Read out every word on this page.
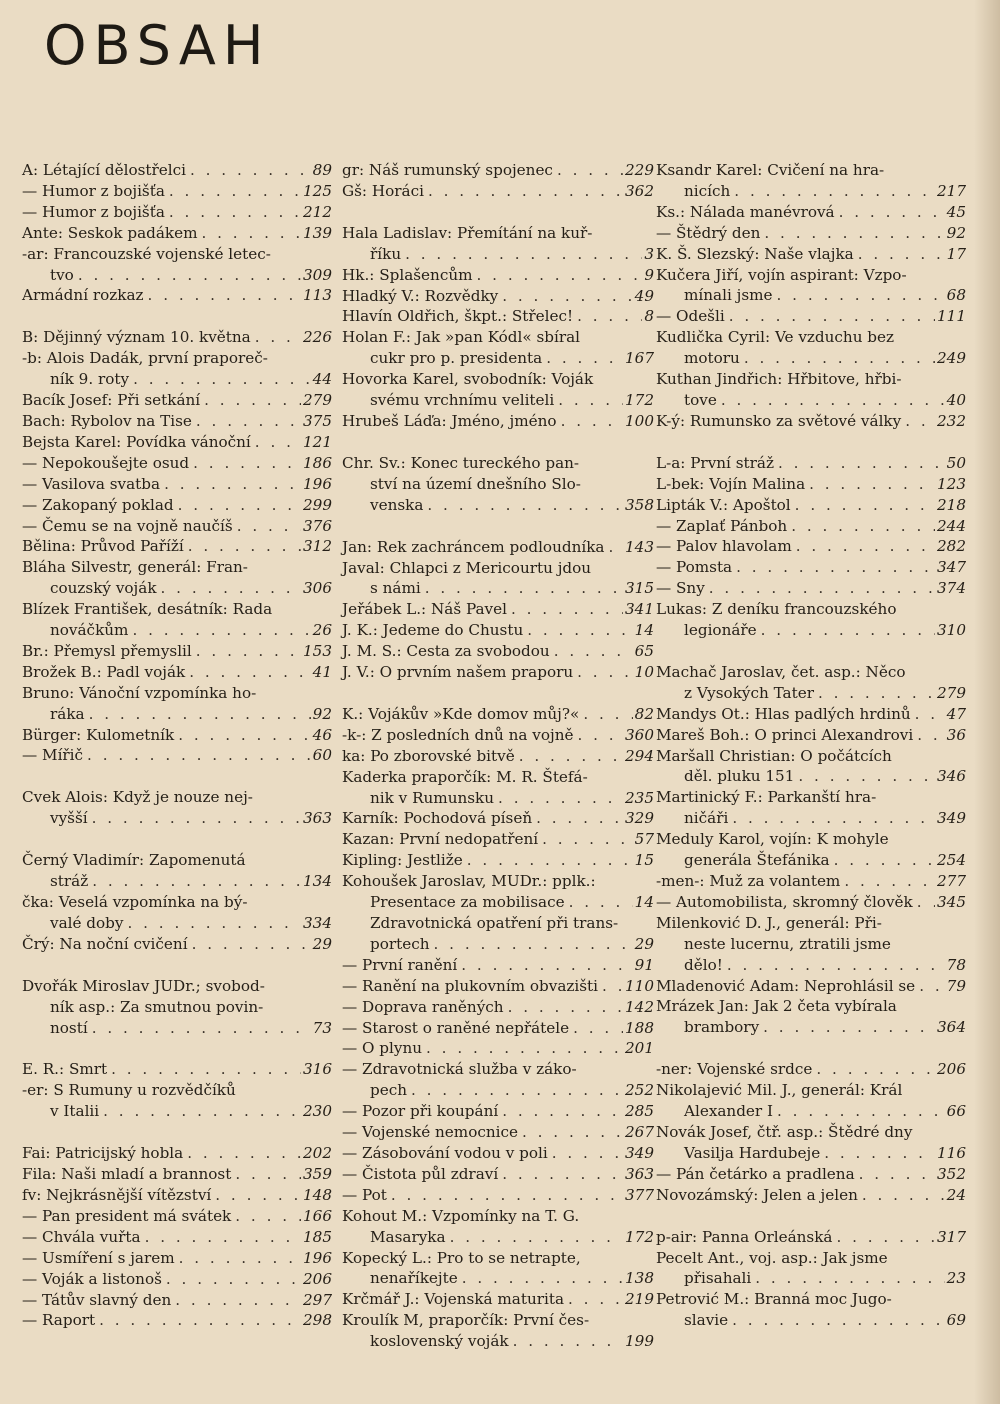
OBSAH
A: Létající dělostřelci . . .	89
— Humor z bojišťa . . .	125
— Humor z bojišťa . . .	212
Ante: Seskok padákem . . .	139
-ar: Francouzské vojenské letec-
tvo . . .	309
Armádní rozkaz . . .	113
B: Dějinný význam 10. května . . .	226
-b: Alois Dadák, první praporeč-
ník 9. roty . . .	44
Bacík Josef: Při setkání . . .	279
Bach: Rybolov na Tise . . .	375
Bejsta Karel: Povídka vánoční . . .	121
— Nepokoušejte osud . . .	186
— Vasilova svatba . . .	196
— Zakopaný poklad . . .	299
— Čemu se na vojně naučíš . . .	376
Bělina: Průvod Paříží . . .	312
Bláha Silvestr, generál: Fran-
couzský voják . . .	306
Blízek František, desátník: Rada
nováčkům . . .	26
Br.: Přemysl přemyslil . . .	153
Brožek B.: Padl voják . . .	41
Bruno: Vánoční vzpomínka ho-
ráka . . .	92
Bürger: Kulometník . . .	46
— Mířič . . .	60
Cvek Alois: Když je nouze nej-
vyšší . . .	363
Černý Vladimír: Zapomenutá
stráž . . .	134
čka: Veselá vzpomínka na bý-
valé doby . . .	334
Črý: Na noční cvičení . . .	29
Dvořák Miroslav JUDr.; svobod-
ník asp.: Za smutnou povin-
ností . . .	73
E. R.: Smrt . . .	316
-er: S Rumuny u rozvědčíků
v Italii . . .	230
Fai: Patricijský hobla . . .	202
Fila: Naši mladí a brannost . . .	359
fv: Nejkrásnější vítězství . . .	148
— Pan president má svátek . . .	166
— Chvála vuřta . . .	185
— Usmíření s jarem . . .	196
— Voják a listonoš . . .	206
— Tátův slavný den . . .	297
— Raport . . .	298
gr: Náš rumunský spojenec . . .	229
Gš: Horáci . . .	362
Hala Ladislav: Přemítání na kuř-
říku . . .	3
Hk.: Splašencům . . .	9
Hladký V.: Rozvědky . . .	49
Hlavín Oldřich, škpt.: Střelec! . . .	8
Holan F.: Jak »pan Kódl« sbíral
cukr pro p. presidenta . . .	167
Hovorka Karel, svobodník: Voják
svému vrchnímu veliteli . . .	172
Hrubeš Láďa: Jméno, jméno . . .	100
Chr. Sv.: Konec tureckého pan-
ství na území dnešního Slo-
venska . . .	358
Jan: Rek zachráncem podloudníka . . . 143
Javal: Chlapci z Mericourtu jdou
s námi . . .	315
Jeřábek L.: Náš Pavel . . .	341
J. K.: Jedeme do Chustu . . .	14
J. M. S.: Cesta za svobodou . . .	65
J. V.: O prvním našem praporu . . .	10
K.: Vojákův »Kde domov můj?« . . .	82
-k-: Z posledních dnů na vojně . . .	360
ka: Po zborovské bitvě . . .	294
Kaderka praporčík: M. R. Štefá-
nik v Rumunsku . . .	235
Karník: Pochodová píseň . . .	329
Kazan: První nedopatření . . .	57
Kipling: Jestliže . . .	15
Kohoušek Jaroslav, MUDr.: pplk.:
Presentace za mobilisace . . .	14
Zdravotnická opatření při trans-
portech . . .	29
— První ranění . . .	91
— Ranění na plukovním obvazišti . . . 110
— Doprava raněných . . .	142
— Starost o raněné nepřátele . . .	188
— O plynu . . .	201
— Zdravotnická služba v záko-
pech . . .	252
— Pozor při koupání . . .	285
— Vojenské nemocnice . . .	267
— Zásobování vodou v poli . . .	349
— Čistota půl zdraví . . .	363
— Pot . . .	377
Kohout M.: Vzpomínky na T. G.
Masaryka . . .	172
Kopecký L.: Pro to se netrapte,
nenaříkejte . . .	138
Krčmář J.: Vojenská maturita . . .	219
Kroulík M, praporčík: První čes-
koslovenský voják . . .	199
Ksandr Karel: Cvičení na hra-
nicích . . .	217
Ks.: Nálada manévrová . . .	45
— Štědrý den . . .	92
K. Š. Slezský: Naše vlajka . . .	17
Kučera Jiří, vojín aspirant: Vzpo-
mínali jsme . . .	68
— Odešli . . .	111
Kudlička Cyril: Ve vzduchu bez
motoru . . .	249
Kuthan Jindřich: Hřbitove, hřbi-
tove . . .	40
K-ý: Rumunsko za světové války . . . 232
L-a: První stráž . . .	50
L-bek: Vojín Malina . . .	123
Lipták V.: Apoštol . . .	218
— Zaplať Pánboh . . .	244
— Palov hlavolam . . .	282
— Pomsta . . .	347
— Sny . . .	374
Lukas: Z deníku francouzského
legionáře . . .	310
Machač Jaroslav, čet. asp.: Něco
z Vysokých Tater . . .	279
Mandys Ot.: Hlas padlých hrdinů . . . 47
Mareš Boh.: O princi Alexandrovi . . . 36
Maršall Christian: O počátcích
děl. pluku 151 . . .	346
Martinický F.: Parkanští hra-
ničáři . . .	349
Meduly Karol, vojín: K mohyle
generála Štefánika . . .	254
-men-: Muž za volantem . . .	277
— Automobilista, skromný člověk . . . 345
Milenković D. J., generál: Při-
neste lucernu, ztratili jsme
dělo! . . .	78
Mladenović Adam: Neprohlásil se . . . 79
Mrázek Jan: Jak 2 četa vybírala
brambory . . .	364
-ner: Vojenské srdce . . .	206
Nikolajević Mil. J., generál: Král
Alexander I . . .	66
Novák Josef, čtř. asp.: Štědré dny
Vasilja Hardubeje . . .	116
— Pán četárko a pradlena . . .	352
Novozámský: Jelen a jelen . . .	24
p-air: Panna Orleánská . . .	317
Pecelt Ant., voj. asp.: Jak jsme
přisahali . . .	23
Petrović M.: Branná moc Jugo-
slavie . . .	69
